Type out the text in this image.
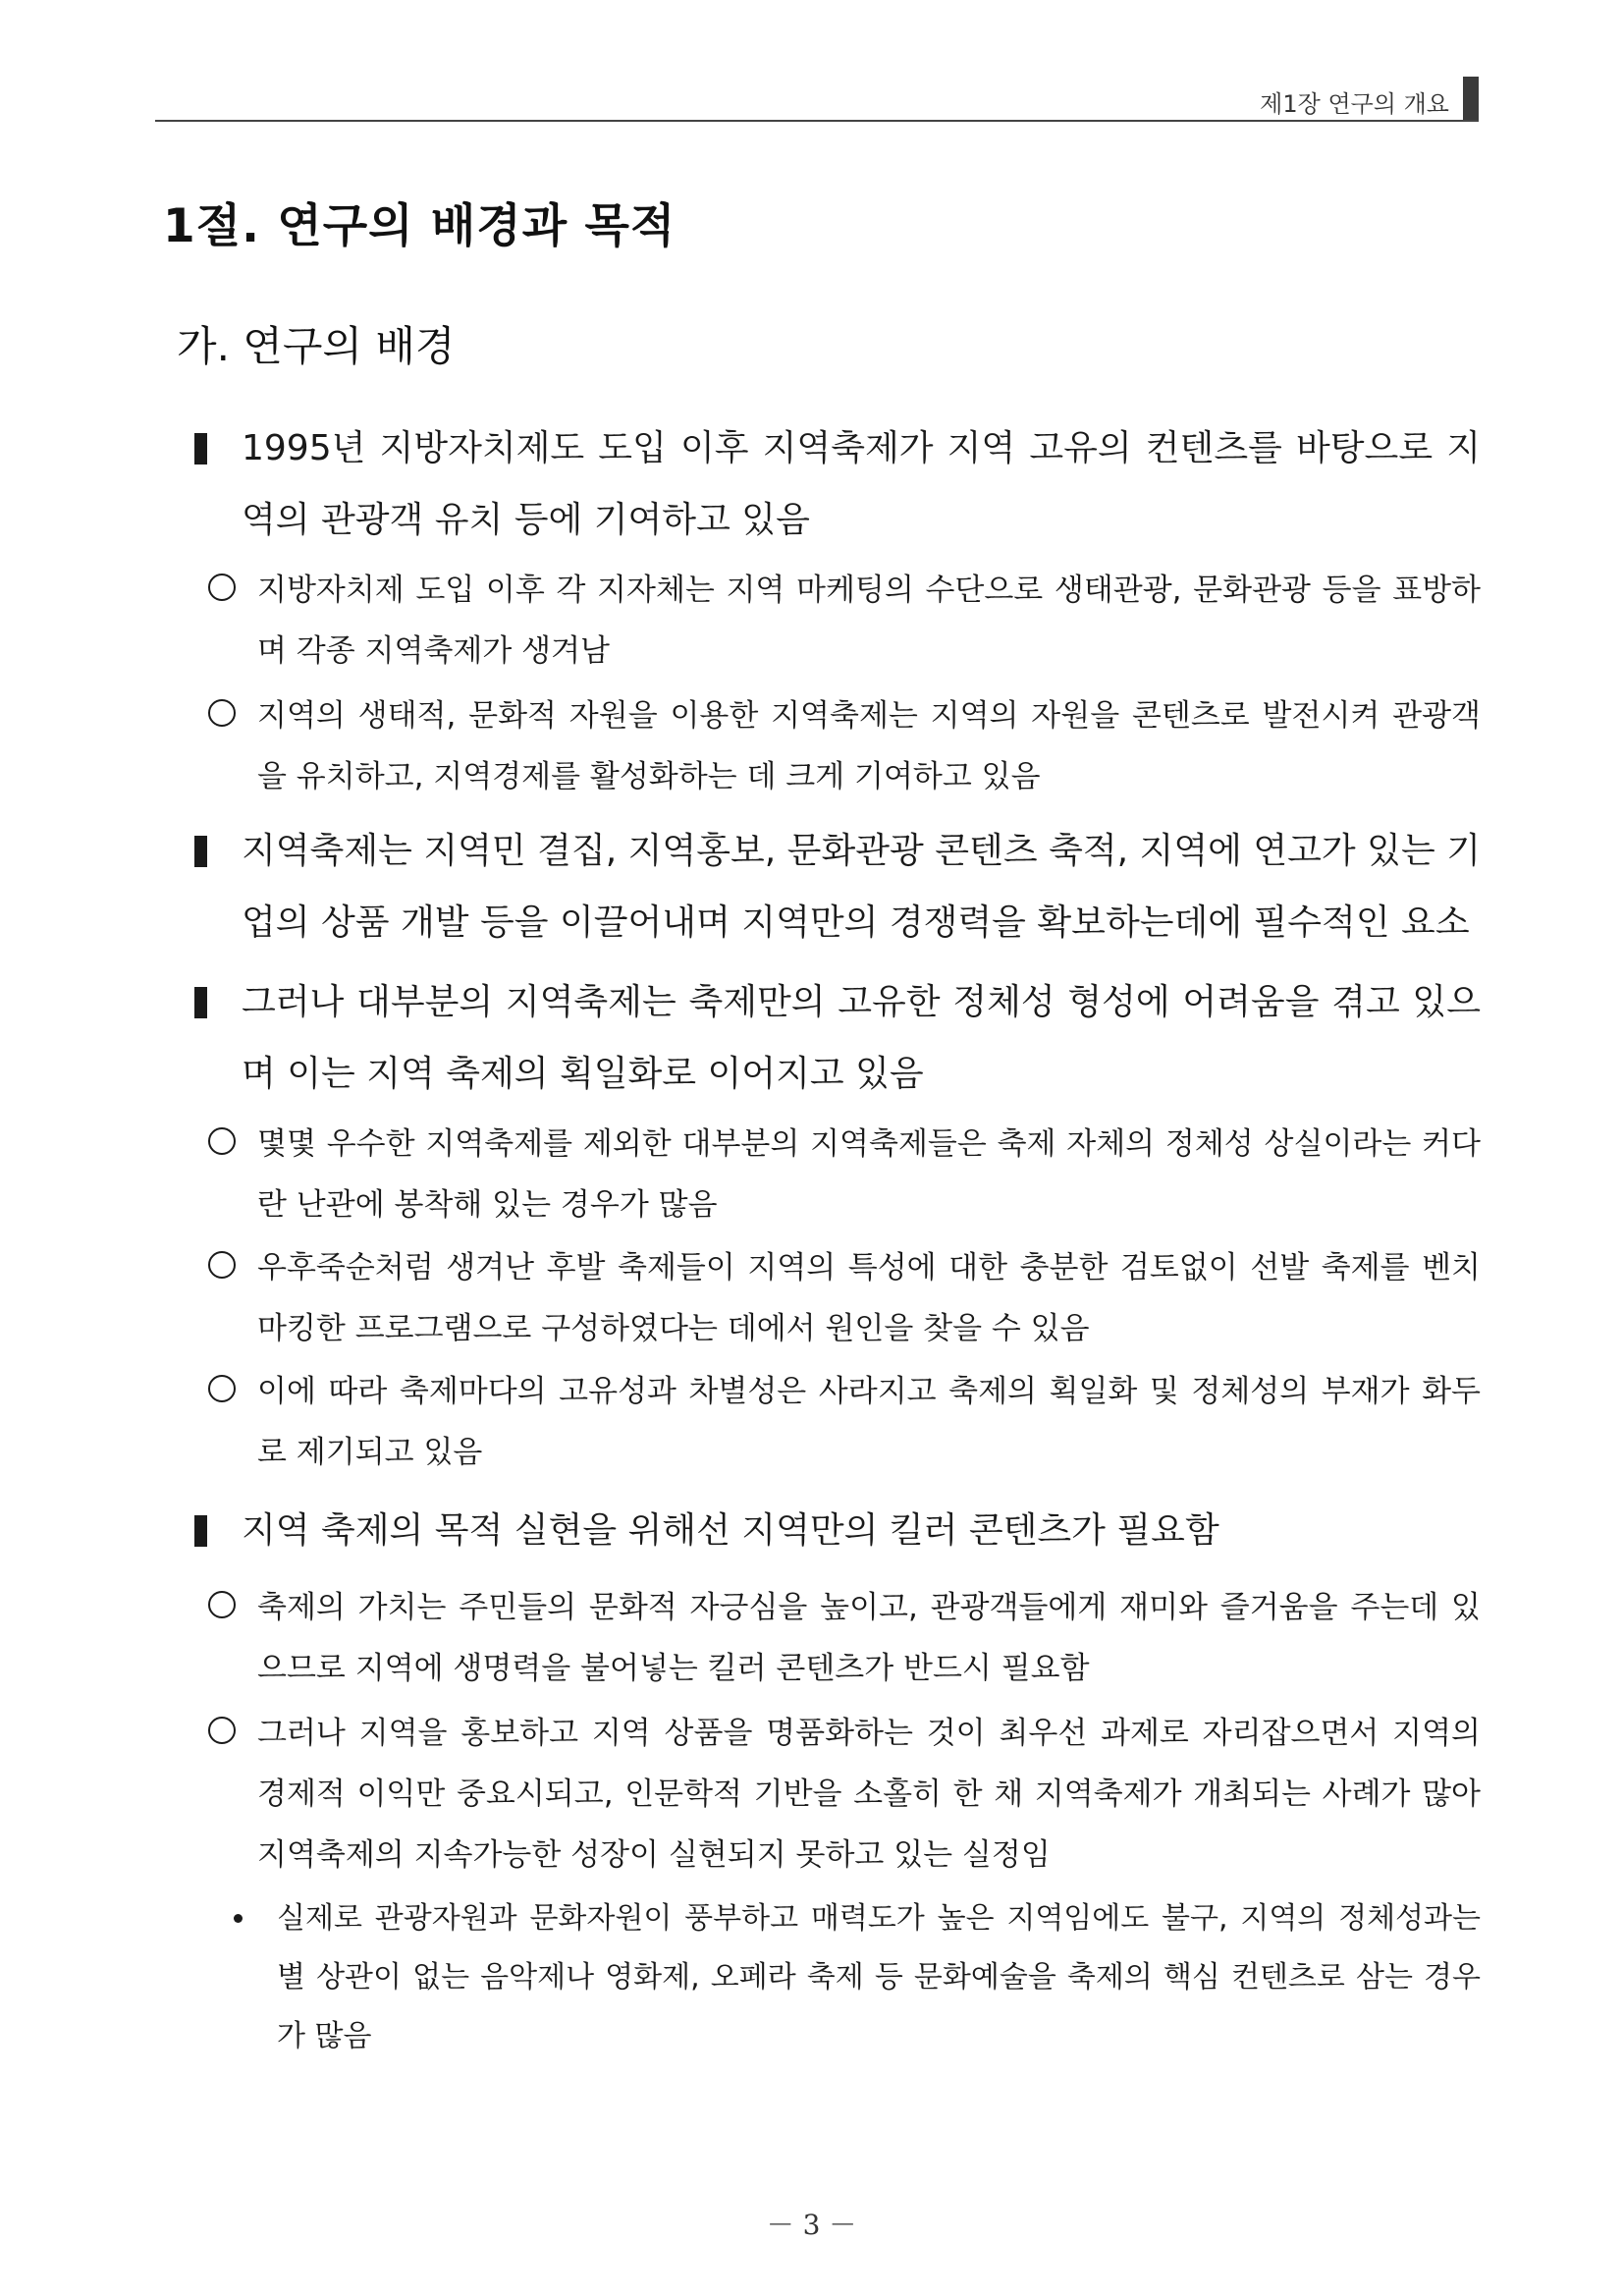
제1장 연구의 개요
1절. 연구의 배경과 목적
가. 연구의 배경
1995년 지방자치제도 도입 이후 지역축제가 지역 고유의 컨텐츠를 바탕으로 지역의 관광객 유치 등에 기여하고 있음
지방자치제 도입 이후 각 지자체는 지역 마케팅의 수단으로 생태관광, 문화관광 등을 표방하며 각종 지역축제가 생겨남
지역의 생태적, 문화적 자원을 이용한 지역축제는 지역의 자원을 콘텐츠로 발전시켜 관광객을 유치하고, 지역경제를 활성화하는 데 크게 기여하고 있음
지역축제는 지역민 결집, 지역홍보, 문화관광 콘텐츠 축적, 지역에 연고가 있는 기업의 상품 개발 등을 이끌어내며 지역만의 경쟁력을 확보하는데에 필수적인 요소
그러나 대부분의 지역축제는 축제만의 고유한 정체성 형성에 어려움을 겪고 있으며 이는 지역 축제의 획일화로 이어지고 있음
몇몇 우수한 지역축제를 제외한 대부분의 지역축제들은 축제 자체의 정체성 상실이라는 커다란 난관에 봉착해 있는 경우가 많음
우후죽순처럼 생겨난 후발 축제들이 지역의 특성에 대한 충분한 검토없이 선발 축제를 벤치마킹한 프로그램으로 구성하였다는 데에서 원인을 찾을 수 있음
이에 따라 축제마다의 고유성과 차별성은 사라지고 축제의 획일화 및 정체성의 부재가 화두로 제기되고 있음
지역 축제의 목적 실현을 위해선 지역만의 킬러 콘텐츠가 필요함
축제의 가치는 주민들의 문화적 자긍심을 높이고, 관광객들에게 재미와 즐거움을 주는데 있으므로 지역에 생명력을 불어넣는 킬러 콘텐츠가 반드시 필요함
그러나 지역을 홍보하고 지역 상품을 명품화하는 것이 최우선 과제로 자리잡으면서 지역의 경제적 이익만 중요시되고, 인문학적 기반을 소홀히 한 채 지역축제가 개최되는 사례가 많아 지역축제의 지속가능한 성장이 실현되지 못하고 있는 실정임
실제로 관광자원과 문화자원이 풍부하고 매력도가 높은 지역임에도 불구, 지역의 정체성과는 별 상관이 없는 음악제나 영화제, 오페라 축제 등 문화예술을 축제의 핵심 컨텐츠로 삼는 경우가 많음
－ 3 －
